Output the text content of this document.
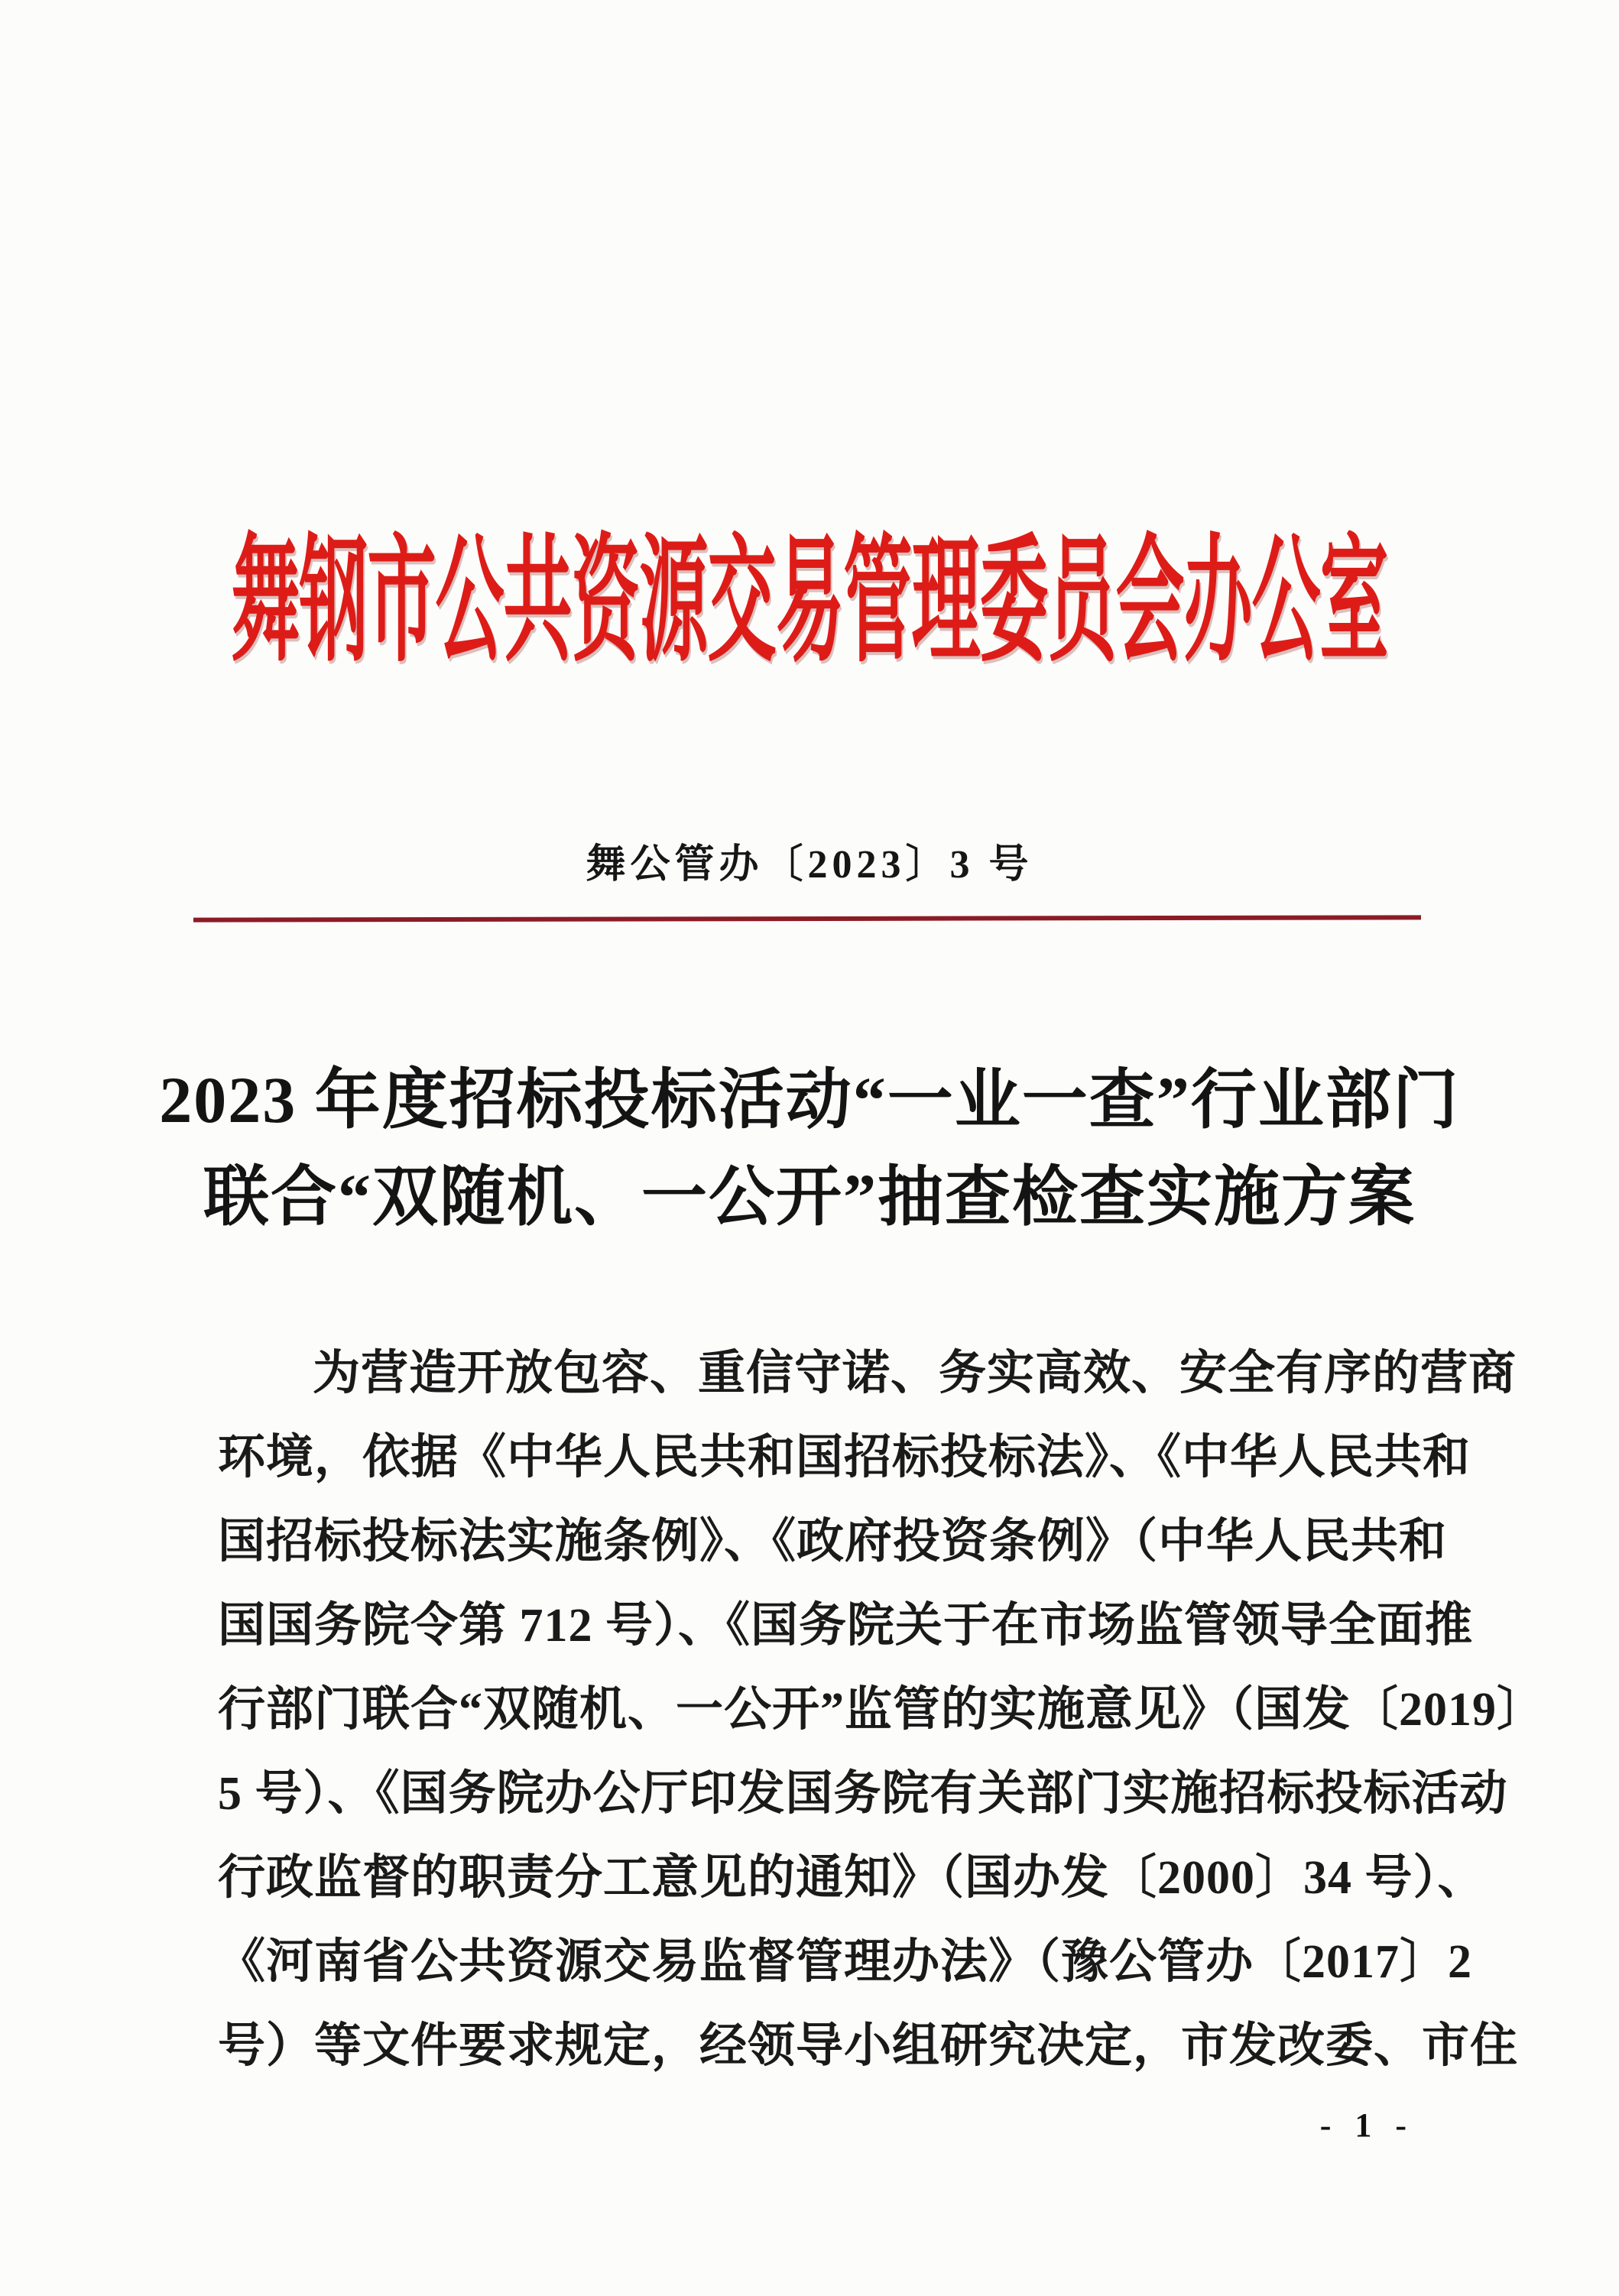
舞钢市公共资源交易管理委员会办公室
舞公管办〔2023〕3 号
2023 年度招标投标活动“一业一查”行业部门
联合“双随机、一公开”抽查检查实施方案
为营造开放包容、重信守诺、务实高效、安全有序的营商
环境，依据《中华人民共和国招标投标法》、《中华人民共和
国招标投标法实施条例》、《政府投资条例》（中华人民共和
国国务院令第 712 号）、《国务院关于在市场监管领导全面推
行部门联合“双随机、一公开”监管的实施意见》（国发〔2019〕
5 号）、《国务院办公厅印发国务院有关部门实施招标投标活动
行政监督的职责分工意见的通知》（国办发〔2000〕34 号）、
《河南省公共资源交易监督管理办法》（豫公管办〔2017〕2
号）等文件要求规定，经领导小组研究决定，市发改委、市住
- 1 -
